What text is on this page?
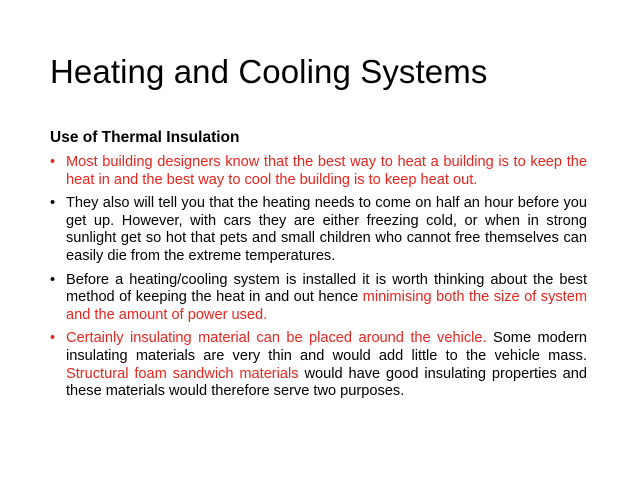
Heating and Cooling Systems
Use of Thermal Insulation
• Most building designers know that the best way to heat a building is to keep the heat in and the best way to cool the building is to keep heat out.
• They also will tell you that the heating needs to come on half an hour before you get up. However, with cars they are either freezing cold, or when in strong sunlight get so hot that pets and small children who cannot free themselves can easily die from the extreme temperatures.
• Before a heating/cooling system is installed it is worth thinking about the best method of keeping the heat in and out hence minimising both the size of system and the amount of power used.
• Certainly insulating material can be placed around the vehicle. Some modern insulating materials are very thin and would add little to the vehicle mass. Structural foam sandwich materials would have good insulating properties and these materials would therefore serve two purposes.
